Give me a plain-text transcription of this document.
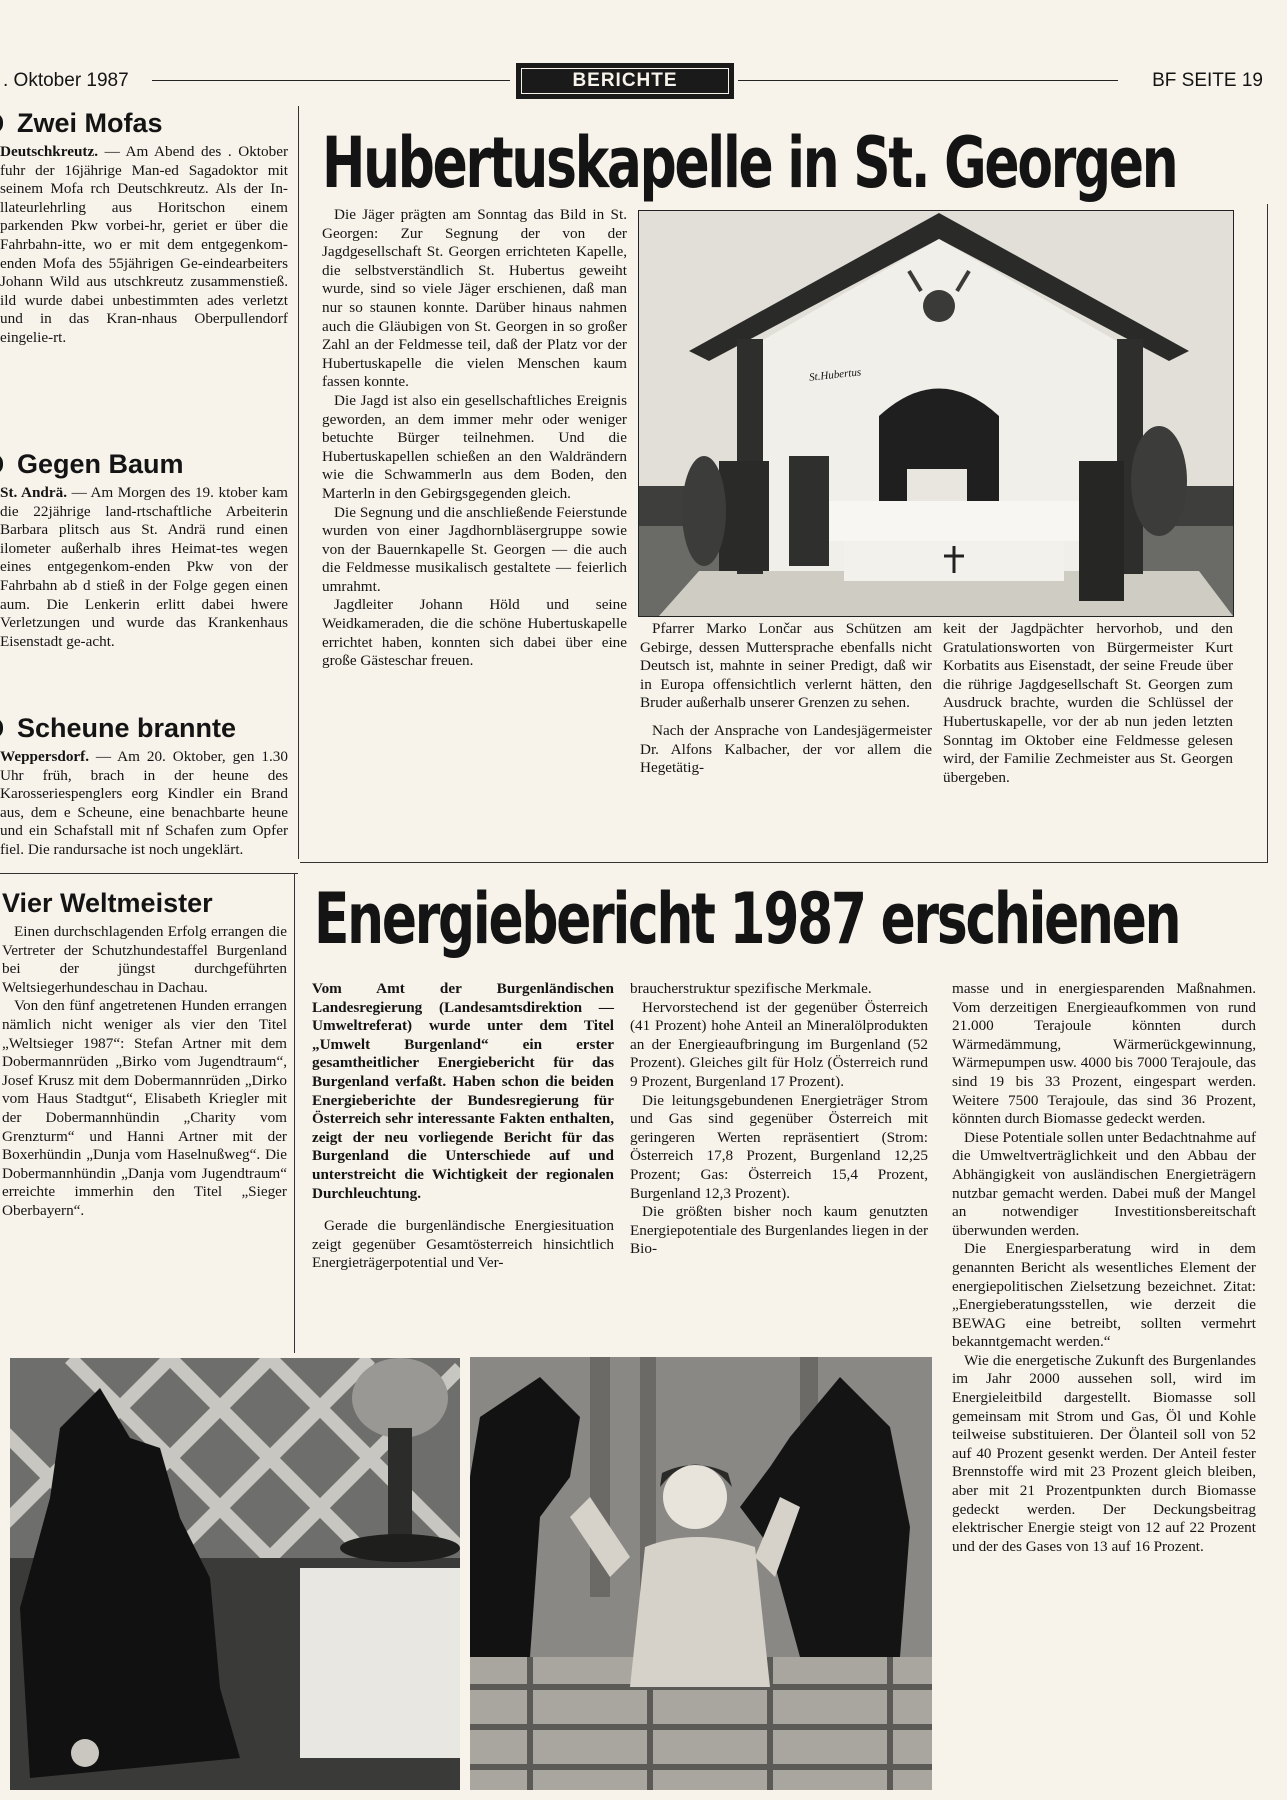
. Oktober 1987	BERICHTE	BF SEITE 19
Zwei Mofas
Deutschkreutz. — Am Abend des . Oktober fuhr der 16jährige Man-ed Sagadoktor mit seinem Mofa rch Deutschkreutz. Als der In-llateurlehrling aus Horitschon einem parkenden Pkw vorbei-hr, geriet er über die Fahrbahn-itte, wo er mit dem entgegenkom-enden Mofa des 55jährigen Ge-eindearbeiters Johann Wild aus utschkreutz zusammenstieß. ild wurde dabei unbestimmten ades verletzt und in das Kran-nhaus Oberpullendorf eingelie-rt.
Gegen Baum
St. Andrä. — Am Morgen des 19. ktober kam die 22jährige land-rtschaftliche Arbeiterin Barbara plitsch aus St. Andrä rund einen ilometer außerhalb ihres Heimat-tes wegen eines entgegenkom-enden Pkw von der Fahrbahn ab d stieß in der Folge gegen einen aum. Die Lenkerin erlitt dabei hwere Verletzungen und wurde das Krankenhaus Eisenstadt ge-acht.
Scheune brannte
Weppersdorf. — Am 20. Oktober, gen 1.30 Uhr früh, brach in der heune des Karosseriespenglers eorg Kindler ein Brand aus, dem e Scheune, eine benachbarte heune und ein Schafstall mit nf Schafen zum Opfer fiel. Die randursache ist noch ungeklärt.
Vier Weltmeister

Einen durchschlagenden Erfolg errangen die Vertreter der Schutzhundestaffel Burgenland bei der jüngst durchgeführten Weltsiegerhundeschau in Dachau.

Von den fünf angetretenen Hunden errangen nämlich nicht weniger als vier den Titel „Weltsieger 1987“: Stefan Artner mit dem Dobermannrüden „Birko vom Jugendtraum“, Josef Krusz mit dem Dobermannrüden „Dirko vom Haus Stadtgut“, Elisabeth Kriegler mit der Dobermannhündin „Charity vom Grenzturm“ und Hanni Artner mit der Boxerhündin „Dunja vom Haselnußweg“. Die Dobermannhündin „Danja vom Jugendtraum“ erreichte immerhin den Titel „Sieger Oberbayern“.

Hubertuskapelle in St. Georgen

Die Jäger prägten am Sonntag das Bild in St. Georgen: Zur Segnung der von der Jagdgesellschaft St. Georgen errichteten Kapelle, die selbstverständlich St. Hubertus geweiht wurde, sind so viele Jäger erschienen, daß man nur so staunen konnte. Darüber hinaus nahmen auch die Gläubigen von St. Georgen in so großer Zahl an der Feldmesse teil, daß der Platz vor der Hubertuskapelle die vielen Menschen kaum fassen konnte.

Die Jagd ist also ein gesellschaftliches Ereignis geworden, an dem immer mehr oder weniger betuchte Bürger teilnehmen. Und die Hubertuskapellen schießen an den Waldrändern wie die Schwammerln aus dem Boden, den Marterln in den Gebirgsgegenden gleich.

Die Segnung und die anschließende Feierstunde wurden von einer Jagdhornbläsergruppe sowie von der Bauernkapelle St. Georgen — die auch die Feldmesse musikalisch gestaltete — feierlich umrahmt.

Jagdleiter Johann Höld und seine Weidkameraden, die die schöne Hubertuskapelle errichtet haben, konnten sich dabei über eine große Gästeschar freuen.

St.Hubertus

Pfarrer Marko Lončar aus Schützen am Gebirge, dessen Muttersprache ebenfalls nicht Deutsch ist, mahnte in seiner Predigt, daß wir in Europa offensichtlich verlernt hätten, den Bruder außerhalb unserer Grenzen zu sehen.

Nach der Ansprache von Landesjägermeister Dr. Alfons Kalbacher, der vor allem die Hegetätig-

keit der Jagdpächter hervorhob, und den Gratulationsworten von Bürgermeister Kurt Korbatits aus Eisenstadt, der seine Freude über die rührige Jagdgesellschaft St. Georgen zum Ausdruck brachte, wurden die Schlüssel der Hubertuskapelle, vor der ab nun jeden letzten Sonntag im Oktober eine Feldmesse gelesen wird, der Familie Zechmeister aus St. Georgen übergeben.

Energiebericht 1987 erschienen

Vom Amt der Burgenländischen Landesregierung (Landesamtsdirektion — Umweltreferat) wurde unter dem Titel „Umwelt Burgenland“ ein erster gesamtheitlicher Energiebericht für das Burgenland verfaßt. Haben schon die beiden Energieberichte der Bundesregierung für Österreich sehr interessante Fakten enthalten, zeigt der neu vorliegende Bericht für das Burgenland die Unterschiede auf und unterstreicht die Wichtigkeit der regionalen Durchleuchtung.

Gerade die burgenländische Energiesituation zeigt gegenüber Gesamtösterreich hinsichtlich Energieträgerpotential und Ver-

braucherstruktur spezifische Merkmale.

Hervorstechend ist der gegenüber Österreich (41 Prozent) hohe Anteil an Mineralölprodukten an der Energieaufbringung im Burgenland (52 Prozent). Gleiches gilt für Holz (Österreich rund 9 Prozent, Burgenland 17 Prozent).

Die leitungsgebundenen Energieträger Strom und Gas sind gegenüber Österreich mit geringeren Werten repräsentiert (Strom: Österreich 17,8 Prozent, Burgenland 12,25 Prozent; Gas: Österreich 15,4 Prozent, Burgenland 12,3 Prozent).

Die größten bisher noch kaum genutzten Energiepotentiale des Burgenlandes liegen in der Bio-

masse und in energiesparenden Maßnahmen. Vom derzeitigen Energieaufkommen von rund 21.000 Terajoule könnten durch Wärmedämmung, Wärmerückgewinnung, Wärmepumpen usw. 4000 bis 7000 Terajoule, das sind 19 bis 33 Prozent, eingespart werden. Weitere 7500 Terajoule, das sind 36 Prozent, könnten durch Biomasse gedeckt werden.

Diese Potentiale sollen unter Bedachtnahme auf die Umweltverträglichkeit und den Abbau der Abhängigkeit von ausländischen Energieträgern nutzbar gemacht werden. Dabei muß der Mangel an notwendiger Investitionsbereitschaft überwunden werden.

Die Energiesparberatung wird in dem genannten Bericht als wesentliches Element der energiepolitischen Zielsetzung bezeichnet. Zitat: „Energieberatungsstellen, wie derzeit die BEWAG eine betreibt, sollten vermehrt bekanntgemacht werden.“

Wie die energetische Zukunft des Burgenlandes im Jahr 2000 aussehen soll, wird im Energieleitbild dargestellt. Biomasse soll gemeinsam mit Strom und Gas, Öl und Kohle teilweise substituieren. Der Ölanteil soll von 52 auf 40 Prozent gesenkt werden. Der Anteil fester Brennstoffe wird mit 23 Prozent gleich bleiben, aber mit 21 Prozentpunkten durch Biomasse gedeckt werden. Der Deckungsbeitrag elektrischer Energie steigt von 12 auf 22 Prozent und der des Gases von 13 auf 16 Prozent.
